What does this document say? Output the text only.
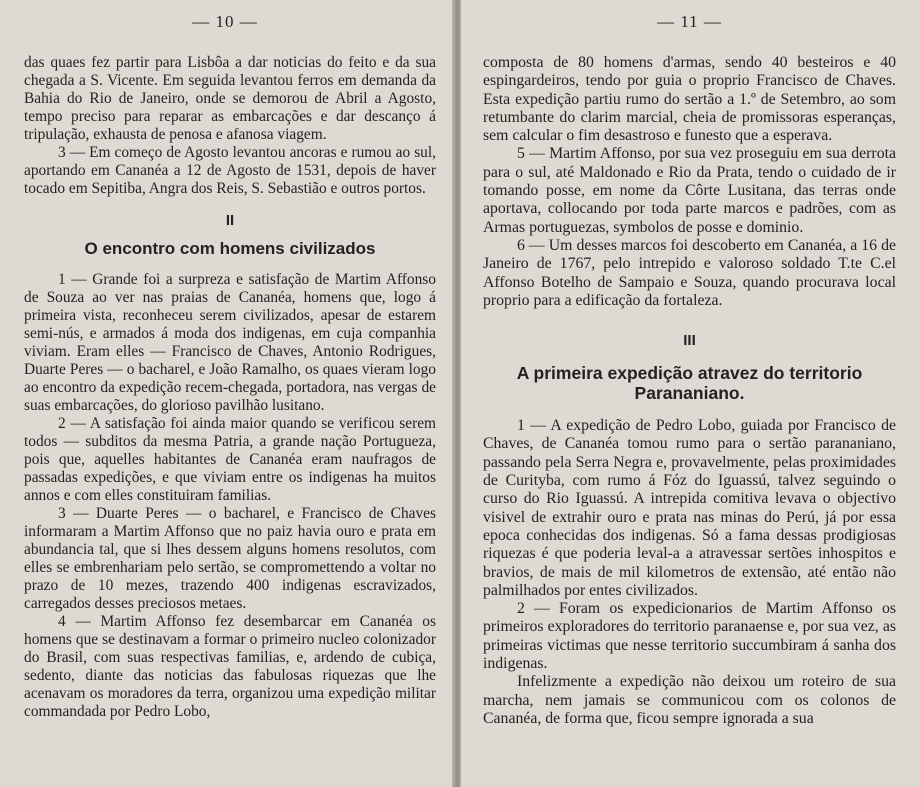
— 10 —

das quaes fez partir para Lisbôa a dar noticias do feito e da sua chegada a S. Vicente. Em seguida levantou ferros em demanda da Bahia do Rio de Janeiro, onde se demorou de Abril a Agosto, tempo preciso para reparar as embarcações e dar descanço á tripulação, exhausta de penosa e afanosa viagem.

3 — Em começo de Agosto levantou ancoras e rumou ao sul, aportando em Cananéa a 12 de Agosto de 1531, depois de haver tocado em Sepitiba, Angra dos Reis, S. Sebastião e outros portos.

II
O encontro com homens civilizados

1 — Grande foi a surpreza e satisfação de Martim Affonso de Souza ao ver nas praias de Cananéa, homens que, logo á primeira vista, reconheceu serem civilizados, apesar de estarem semi-nús, e armados á moda dos indigenas, em cuja companhia viviam. Eram elles — Francisco de Chaves, Antonio Rodrigues, Duarte Peres — o bacharel, e João Ramalho, os quaes vieram logo ao encontro da expedição recem-chegada, portadora, nas vergas de suas embarcações, do glorioso pavilhão lusitano.

2 — A satisfação foi ainda maior quando se verificou serem todos — subditos da mesma Patria, a grande nação Portugueza, pois que, aquelles habitantes de Cananéa eram naufragos de passadas expedições, e que viviam entre os indigenas ha muitos annos e com elles constituiram familias.

3 — Duarte Peres — o bacharel, e Francisco de Chaves informaram a Martim Affonso que no paiz havia ouro e prata em abundancia tal, que si lhes dessem alguns homens resolutos, com elles se embrenhariam pelo sertão, se compromettendo a voltar no prazo de 10 mezes, trazendo 400 indigenas escravizados, carregados desses preciosos metaes.

4 — Martim Affonso fez desembarcar em Cananéa os homens que se destinavam a formar o primeiro nucleo colonizador do Brasil, com suas respectivas familias, e, ardendo de cubiça, sedento, diante das noticias das fabulosas riquezas que lhe acenavam os moradores da terra, organizou uma expedição militar commandada por Pedro Lobo,

— 11 —

composta de 80 homens d'armas, sendo 40 besteiros e 40 espingardeiros, tendo por guia o proprio Francisco de Chaves. Esta expedição partiu rumo do sertão a 1.º de Setembro, ao som retumbante do clarim marcial, cheia de promissoras esperanças, sem calcular o fim desastroso e funesto que a esperava.

5 — Martim Affonso, por sua vez proseguiu em sua derrota para o sul, até Maldonado e Rio da Prata, tendo o cuidado de ir tomando posse, em nome da Côrte Lusitana, das terras onde aportava, collocando por toda parte marcos e padrões, com as Armas portuguezas, symbolos de posse e dominio.

6 — Um desses marcos foi descoberto em Cananéa, a 16 de Janeiro de 1767, pelo intrepido e valoroso soldado T.te C.el Affonso Botelho de Sampaio e Souza, quando procurava local proprio para a edificação da fortaleza.

III
A primeira expedição atravez do territorio Parananiano.

1 — A expedição de Pedro Lobo, guiada por Francisco de Chaves, de Cananéa tomou rumo para o sertão parananiano, passando pela Serra Negra e, provavelmente, pelas proximidades de Curityba, com rumo á Fóz do Iguassú, talvez seguindo o curso do Rio Iguassú. A intrepida comitiva levava o objectivo visivel de extrahir ouro e prata nas minas do Perú, já por essa epoca conhecidas dos indigenas. Só a fama dessas prodigiosas riquezas é que poderia leval-a a atravessar sertões inhospitos e bravios, de mais de mil kilometros de extensão, até então não palmilhados por entes civilizados.

2 — Foram os expedicionarios de Martim Affonso os primeiros exploradores do territorio paranaense e, por sua vez, as primeiras victimas que nesse territorio succumbiram á sanha dos indigenas.

Infelizmente a expedição não deixou um roteiro de sua marcha, nem jamais se communicou com os colonos de Cananéa, de forma que, ficou sempre ignorada a sua
